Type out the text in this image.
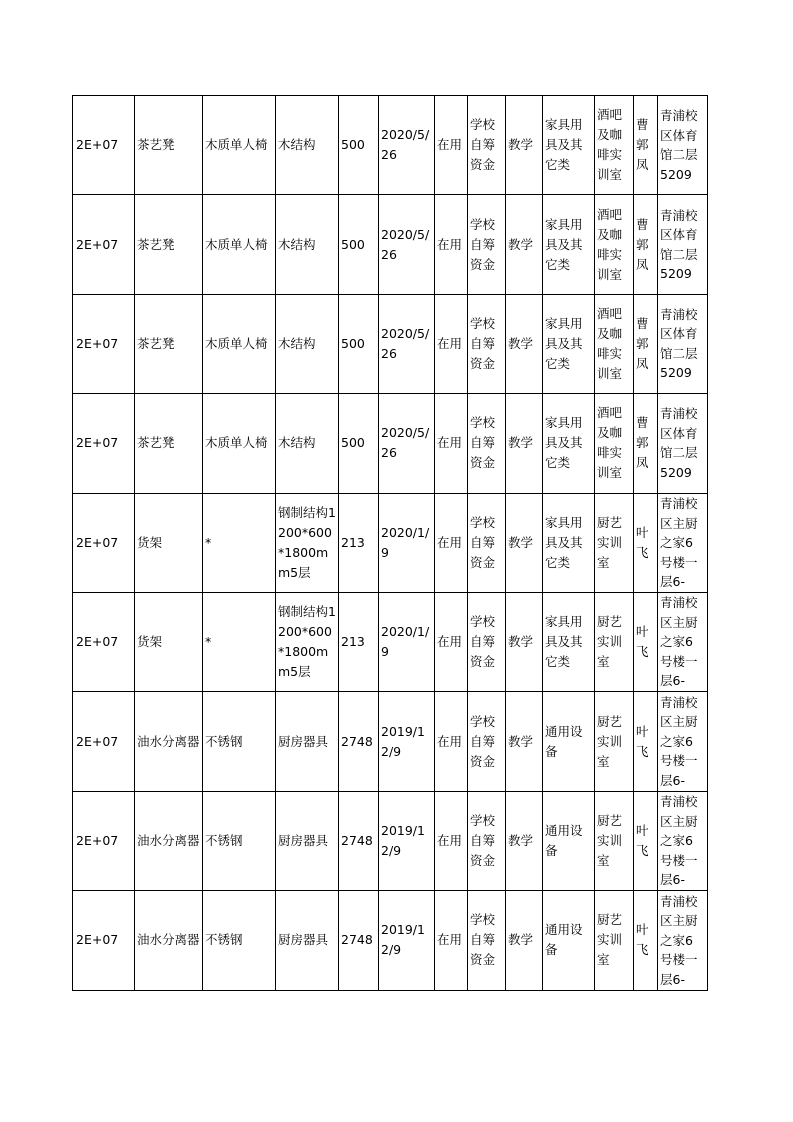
2E+07	茶艺凳	木质单人椅	木结构	500	2020/5/26	在用	学校自筹资金	教学	家具用具及其它类	酒吧及咖啡实训室	曹郭凤	青浦校区体育馆二层5209
2E+07	茶艺凳	木质单人椅	木结构	500	2020/5/26	在用	学校自筹资金	教学	家具用具及其它类	酒吧及咖啡实训室	曹郭凤	青浦校区体育馆二层5209
2E+07	茶艺凳	木质单人椅	木结构	500	2020/5/26	在用	学校自筹资金	教学	家具用具及其它类	酒吧及咖啡实训室	曹郭凤	青浦校区体育馆二层5209
2E+07	茶艺凳	木质单人椅	木结构	500	2020/5/26	在用	学校自筹资金	教学	家具用具及其它类	酒吧及咖啡实训室	曹郭凤	青浦校区体育馆二层5209
2E+07	货架	*	钢制结构1200*600*1800mm5层	213	2020/1/9	在用	学校自筹资金	教学	家具用具及其它类	厨艺实训室	叶飞	青浦校区主厨之家6号楼一层6-
2E+07	货架	*	钢制结构1200*600*1800mm5层	213	2020/1/9	在用	学校自筹资金	教学	家具用具及其它类	厨艺实训室	叶飞	青浦校区主厨之家6号楼一层6-
2E+07	油水分离器	不锈钢	厨房器具	2748	2019/12/9	在用	学校自筹资金	教学	通用设备	厨艺实训室	叶飞	青浦校区主厨之家6号楼一层6-
2E+07	油水分离器	不锈钢	厨房器具	2748	2019/12/9	在用	学校自筹资金	教学	通用设备	厨艺实训室	叶飞	青浦校区主厨之家6号楼一层6-
2E+07	油水分离器	不锈钢	厨房器具	2748	2019/12/9	在用	学校自筹资金	教学	通用设备	厨艺实训室	叶飞	青浦校区主厨之家6号楼一层6-
